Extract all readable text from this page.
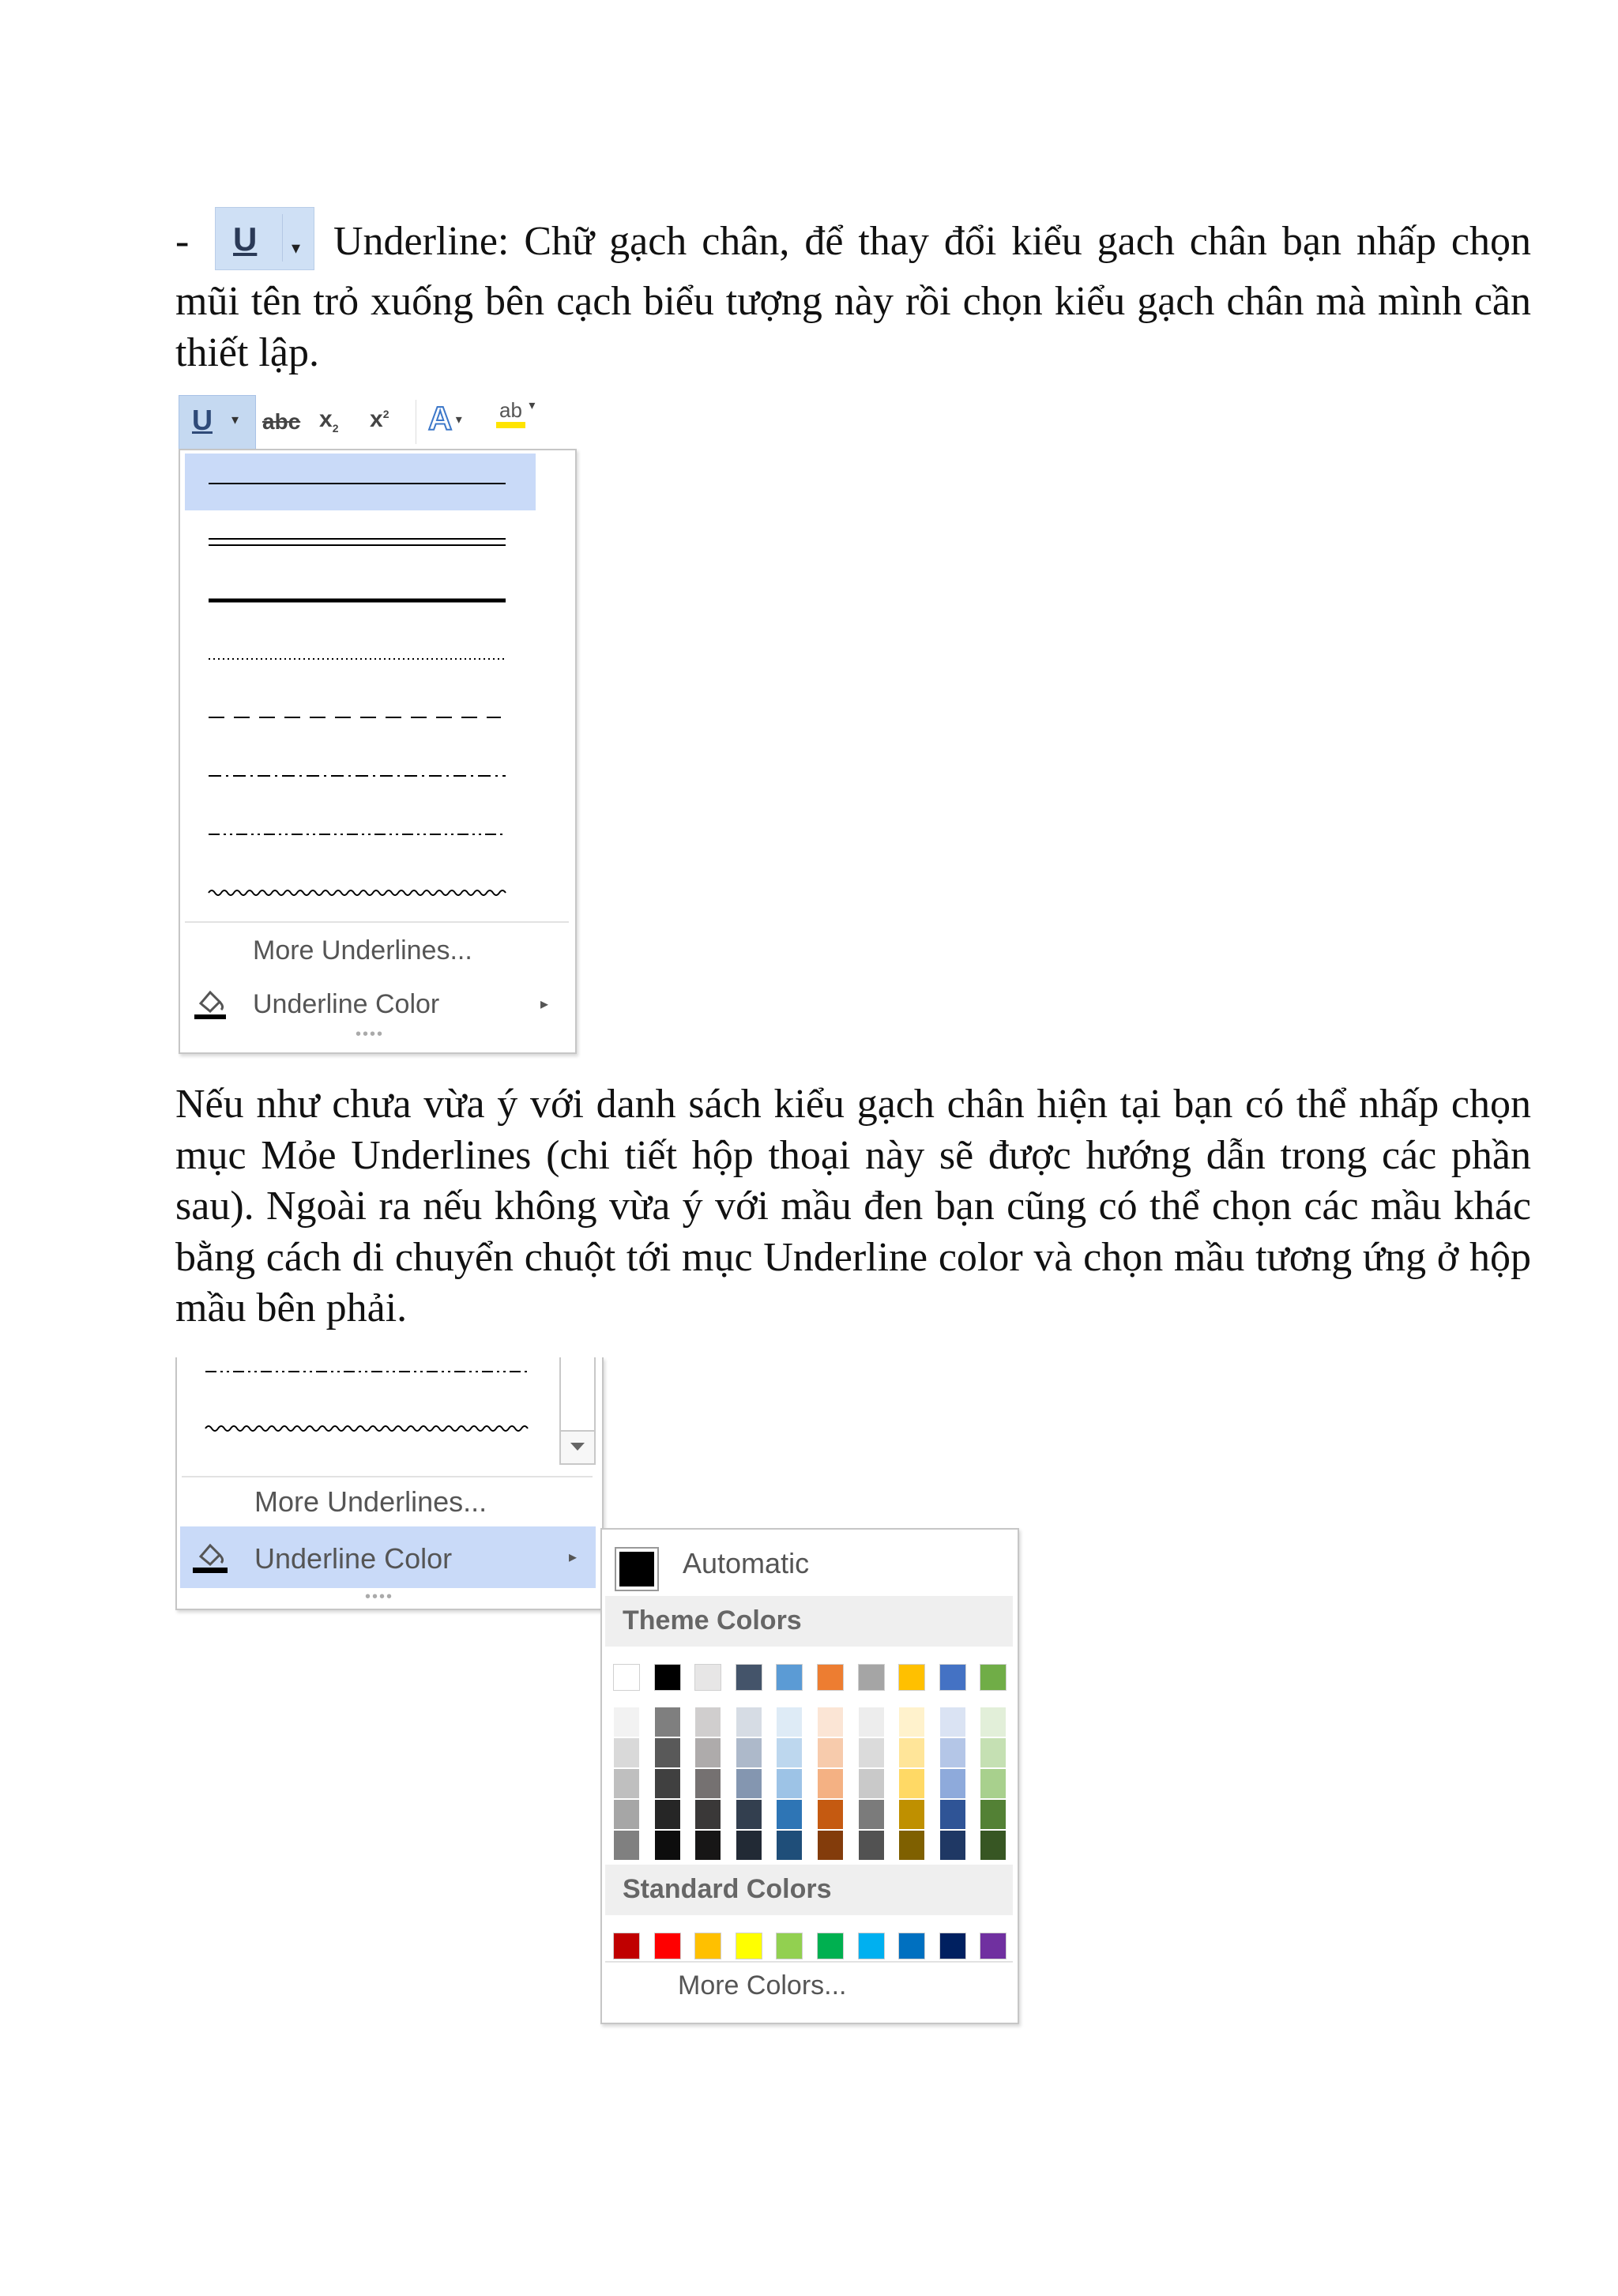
- U ▾ Underline: Chữ gạch chân, để thay đổi kiểu gach chân bạn nhấp chọn mũi tên trỏ xuống bên cạch biểu tượng này rồi chọn kiểu gạch chân mà mình cần thiết lập.
U ▾ abc $x_2$ $x^2$ A ▾ ab ▾
More Underlines...
Underline Color	▸
••••
Nếu như chưa vừa ý với danh sách kiểu gạch chân hiện tại bạn có thể nhấp chọn mục Mỏe Underlines (chi tiết hộp thoại này sẽ được hướng dẫn trong các phần sau). Ngoài ra nếu không vừa ý với mầu đen bạn cũng có thể chọn các mầu khác bằng cách di chuyển chuột tới mục Underline color và chọn mầu tương ứng ở hộp mầu bên phải.
More Underlines...
Underline Color	▸
••••
Automatic
Theme Colors
Standard Colors
More Colors...
